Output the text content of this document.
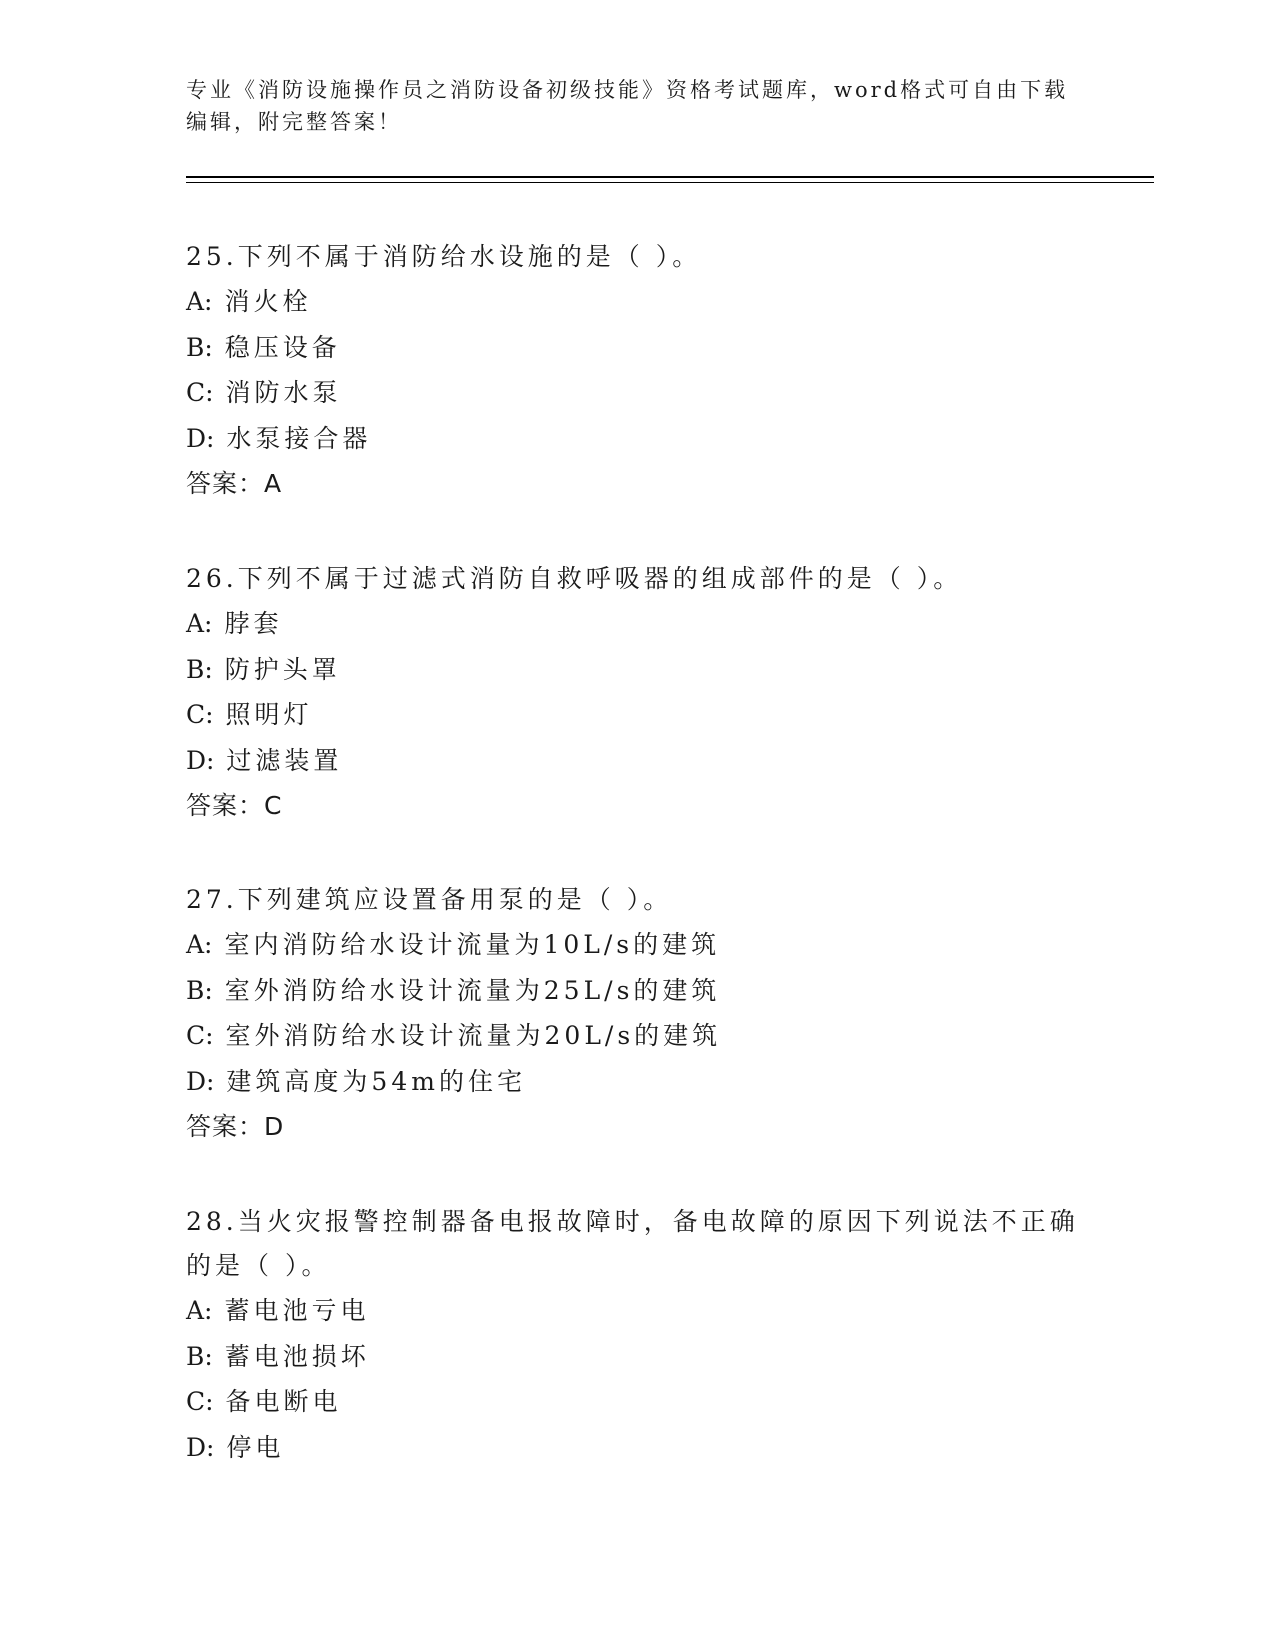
专业《消防设施操作员之消防设备初级技能》资格考试题库，word格式可自由下载编辑，附完整答案！
25.下列不属于消防给水设施的是（ ）。
A: 消火栓
B: 稳压设备
C: 消防水泵
D: 水泵接合器
答案：A
26.下列不属于过滤式消防自救呼吸器的组成部件的是（ ）。
A: 脖套
B: 防护头罩
C: 照明灯
D: 过滤装置
答案：C
27.下列建筑应设置备用泵的是（ ）。
A: 室内消防给水设计流量为10L/s的建筑
B: 室外消防给水设计流量为25L/s的建筑
C: 室外消防给水设计流量为20L/s的建筑
D: 建筑高度为54m的住宅
答案：D
28.当火灾报警控制器备电报故障时，备电故障的原因下列说法不正确的是（ ）。
A: 蓄电池亏电
B: 蓄电池损坏
C: 备电断电
D: 停电
